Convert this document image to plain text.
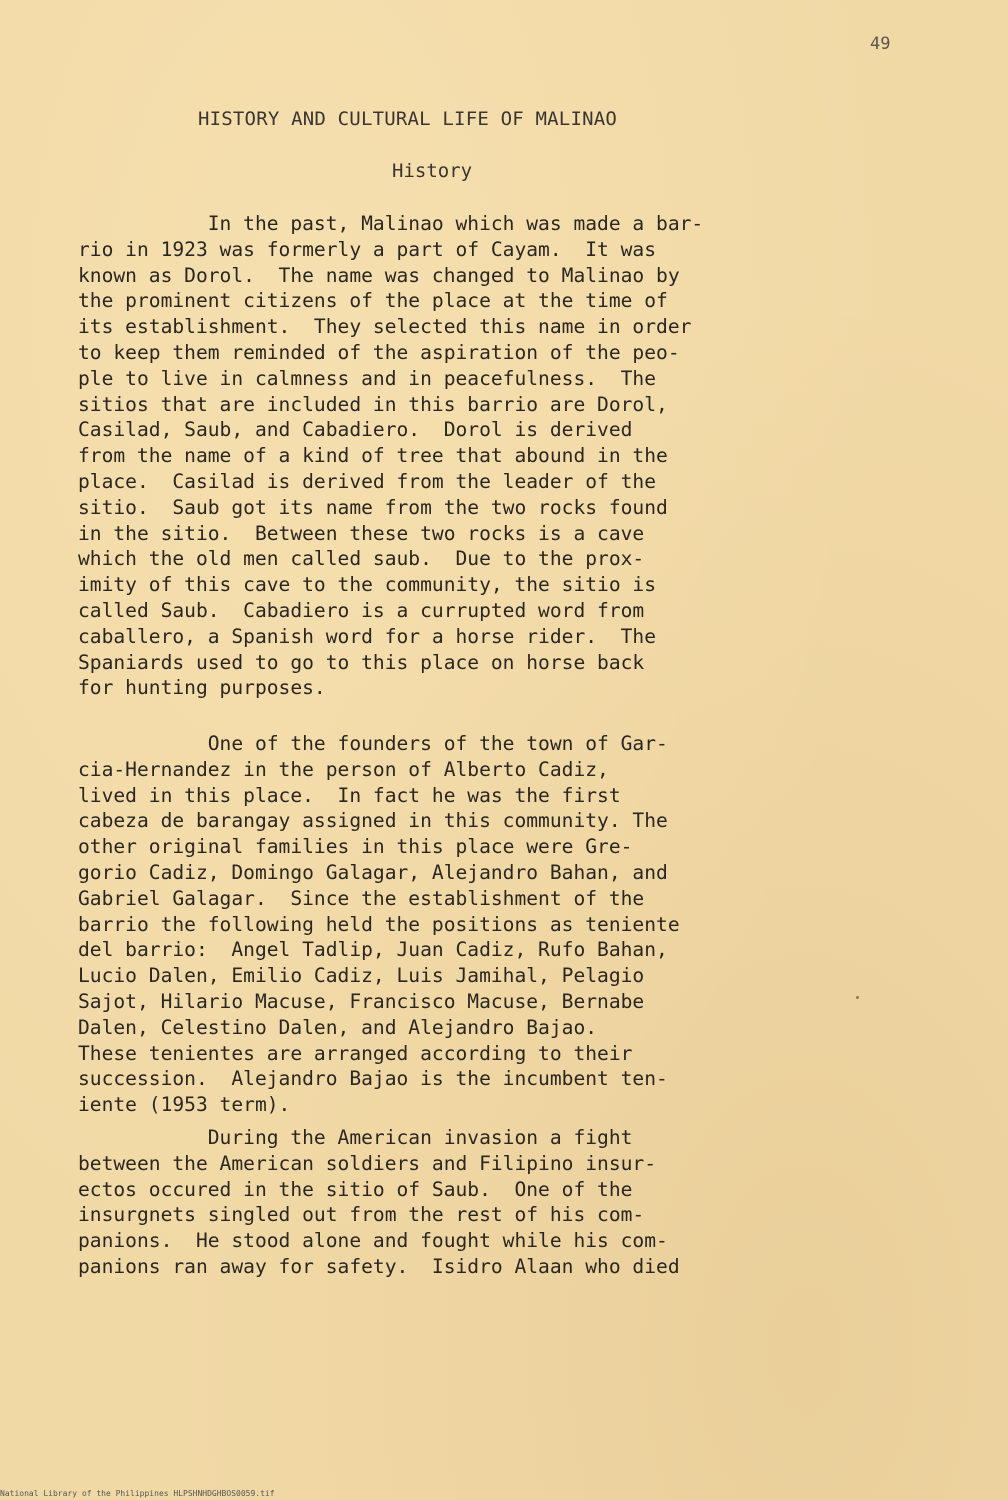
49
HISTORY AND CULTURAL LIFE OF MALINAO
History
In the past, Malinao which was made a bar-
rio in 1923 was formerly a part of Cayam.  It was
known as Dorol.  The name was changed to Malinao by
the prominent citizens of the place at the time of
its establishment.  They selected this name in order
to keep them reminded of the aspiration of the peo-
ple to live in calmness and in peacefulness.  The
sitios that are included in this barrio are Dorol,
Casilad, Saub, and Cabadiero.  Dorol is derived
from the name of a kind of tree that abound in the
place.  Casilad is derived from the leader of the
sitio.  Saub got its name from the two rocks found
in the sitio.  Between these two rocks is a cave
which the old men called saub.  Due to the prox-
imity of this cave to the community, the sitio is
called Saub.  Cabadiero is a currupted word from
caballero, a Spanish word for a horse rider.  The
Spaniards used to go to this place on horse back
for hunting purposes.
One of the founders of the town of Gar-
cia-Hernandez in the person of Alberto Cadiz,
lived in this place.  In fact he was the first
cabeza de barangay assigned in this community. The
other original families in this place were Gre-
gorio Cadiz, Domingo Galagar, Alejandro Bahan, and
Gabriel Galagar.  Since the establishment of the
barrio the following held the positions as teniente
del barrio:  Angel Tadlip, Juan Cadiz, Rufo Bahan,
Lucio Dalen, Emilio Cadiz, Luis Jamihal, Pelagio
Sajot, Hilario Macuse, Francisco Macuse, Bernabe
Dalen, Celestino Dalen, and Alejandro Bajao.
These tenientes are arranged according to their
succession.  Alejandro Bajao is the incumbent ten-
iente (1953 term).
During the American invasion a fight
between the American soldiers and Filipino insur-
ectos occured in the sitio of Saub.  One of the
insurgnets singled out from the rest of his com-
panions.  He stood alone and fought while his com-
panions ran away for safety.  Isidro Alaan who died
National Library of the Philippines HLPSHNHDGHBOS0059.tif
